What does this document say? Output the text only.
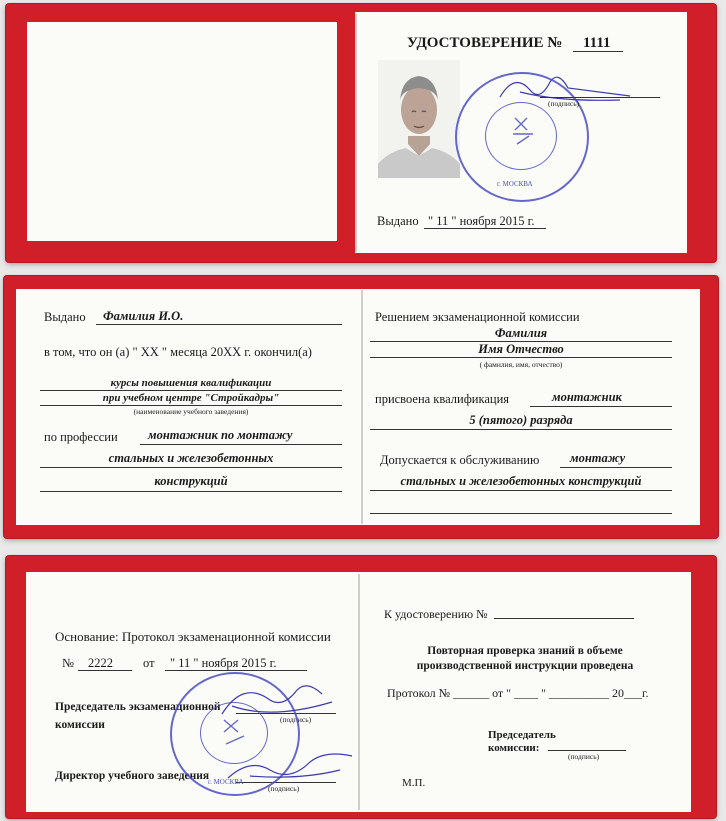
УДОСТОВЕРЕНИЕ № 1111
г. МОСКВА
(подпись)
Выдано " 11 " ноября 2015 г.
Выдано Фамилия И.О.
в том, что он (а) " XX " месяца 20XX г. окончил(а)
курсы повышения квалификации
при учебном центре "Стройкадры"
(наименование учебного заведения)
по профессии монтажник по монтажу
стальных и железобетонных
конструкций
Решением экзаменационной комиссии
Фамилия
Имя Отчество
( фамилия, имя, отчество)
присвоена квалификация	монтажник
5 (пятого) разряда
Допускается к обслуживанию монтажу
стальных и железобетонных конструкций
Основание: Протокол экзаменационной комиссии
№ 2222 от " 11 " ноября 2015 г.
Председатель экзаменационной
комиссии	(подпись)
Директор учебного заведения
(подпись)
г. МОСКВА
К удостоверению №
Повторная проверка знаний в объеме
производственной инструкции проведена
Протокол № ______ от " ____ " __________ 20___г.
Председатель
комиссии:
(подпись)
М.П.
